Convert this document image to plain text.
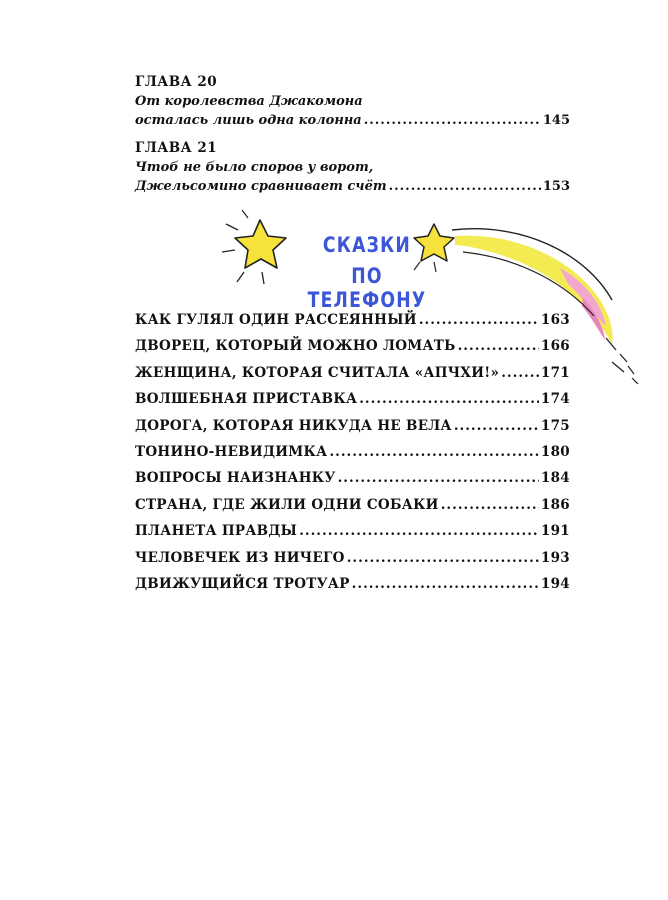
ГЛАВА 20
От королевства Джакомона
осталась лишь одна колонна .....	145
ГЛАВА 21
Чтоб не было споров у ворот,
Джельсомино сравнивает счёт .....	153
СКАЗКИ
ПО ТЕЛЕФОНУ
КАК ГУЛЯЛ ОДИН РАССЕЯННЫЙ .....	163
ДВОРЕЦ, КОТОРЫЙ МОЖНО ЛОМАТЬ .....	166
ЖЕНЩИНА, КОТОРАЯ СЧИТАЛА «АПЧХИ!» .....	171
ВОЛШЕБНАЯ ПРИСТАВКА .....	174
ДОРОГА, КОТОРАЯ НИКУДА НЕ ВЕЛА .....	175
ТОНИНО-НЕВИДИМКА .....	180
ВОПРОСЫ НАИЗНАНКУ .....	184
СТРАНА, ГДЕ ЖИЛИ ОДНИ СОБАКИ .....	186
ПЛАНЕТА ПРАВДЫ .....	191
ЧЕЛОВЕЧЕК ИЗ НИЧЕГО .....	193
ДВИЖУЩИЙСЯ ТРОТУАР .....	194
